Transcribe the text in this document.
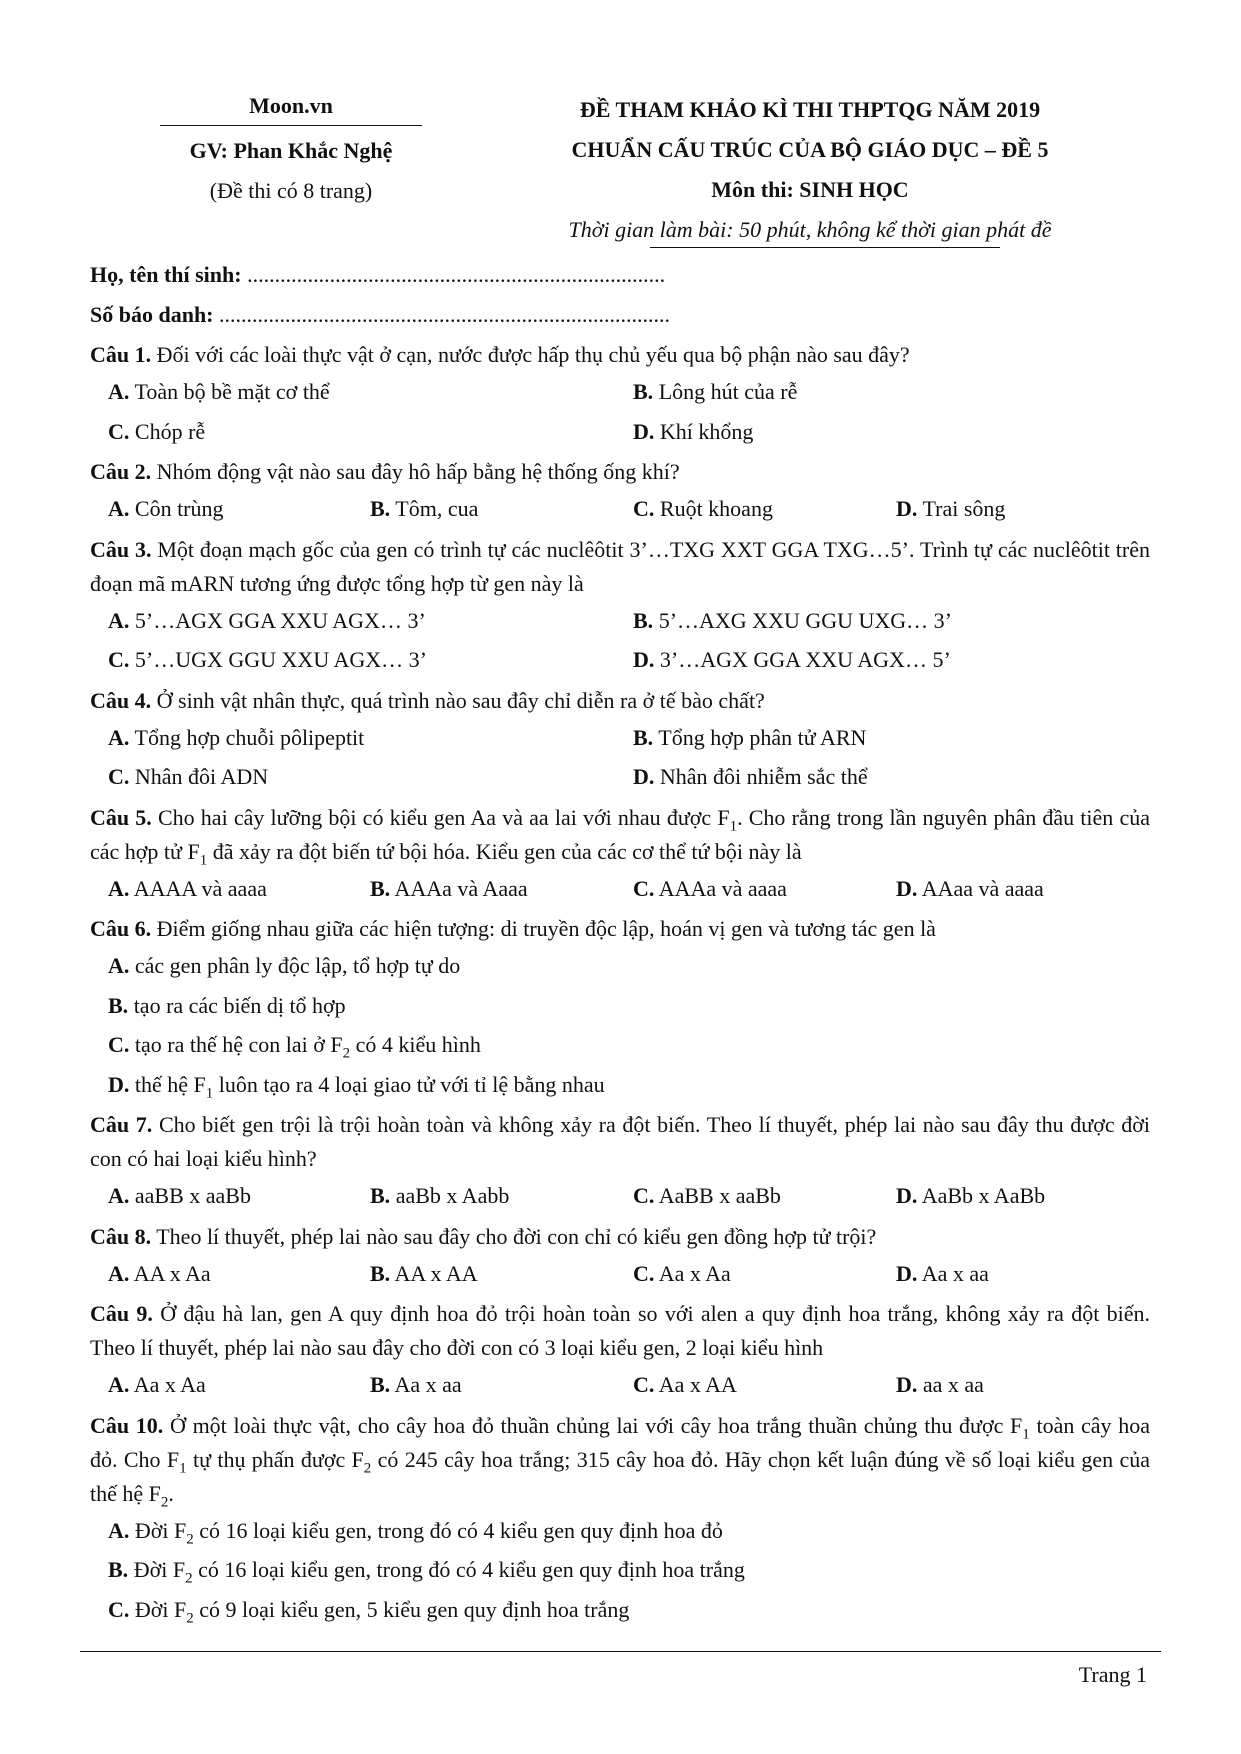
Moon.vn
GV: Phan Khắc Nghệ
(Đề thi có 8 trang)
ĐỀ THAM KHẢO KÌ THI THPTQG NĂM 2019
CHUẨN CẤU TRÚC CỦA BỘ GIÁO DỤC – ĐỀ 5
Môn thi: SINH HỌC
Thời gian làm bài: 50 phút, không kể thời gian phát đề
Họ, tên thí sinh: ............................................................................
Số báo danh: ..................................................................................
Câu 1. Đối với các loài thực vật ở cạn, nước được hấp thụ chủ yếu qua bộ phận nào sau đây?
A. Toàn bộ bề mặt cơ thể	B. Lông hút của rễ
C. Chóp rễ	D. Khí khổng
Câu 2. Nhóm động vật nào sau đây hô hấp bằng hệ thống ống khí?
A. Côn trùng	B. Tôm, cua	C. Ruột khoang	D. Trai sông
Câu 3. Một đoạn mạch gốc của gen có trình tự các nuclêôtit 3’…TXG XXT GGA TXG…5’. Trình tự các nuclêôtit trên đoạn mã mARN tương ứng được tổng hợp từ gen này là
A. 5’…AGX GGA XXU AGX… 3’	B. 5’…AXG XXU GGU UXG… 3’
C. 5’…UGX GGU XXU AGX… 3’	D. 3’…AGX GGA XXU AGX… 5’
Câu 4. Ở sinh vật nhân thực, quá trình nào sau đây chỉ diễn ra ở tế bào chất?
A. Tổng hợp chuỗi pôlipeptit	B. Tổng hợp phân tử ARN
C. Nhân đôi ADN	D. Nhân đôi nhiễm sắc thể
Câu 5. Cho hai cây lưỡng bội có kiểu gen Aa và aa lai với nhau được $F_1$. Cho rằng trong lần nguyên phân đầu tiên của các hợp tử $F_1$ đã xảy ra đột biến tứ bội hóa. Kiểu gen của các cơ thể tứ bội này là
A. AAAA và aaaa	B. AAAa và Aaaa	C. AAAa và aaaa	D. AAaa và aaaa
Câu 6. Điểm giống nhau giữa các hiện tượng: di truyền độc lập, hoán vị gen và tương tác gen là
A. các gen phân ly độc lập, tổ hợp tự do
B. tạo ra các biến dị tổ hợp
C. tạo ra thế hệ con lai ở $F_2$ có 4 kiểu hình
D. thế hệ $F_1$ luôn tạo ra 4 loại giao tử với tỉ lệ bằng nhau
Câu 7. Cho biết gen trội là trội hoàn toàn và không xảy ra đột biến. Theo lí thuyết, phép lai nào sau đây thu được đời con có hai loại kiểu hình?
A. aaBB x aaBb	B. aaBb x Aabb	C. AaBB x aaBb	D. AaBb x AaBb
Câu 8. Theo lí thuyết, phép lai nào sau đây cho đời con chỉ có kiểu gen đồng hợp tử trội?
A. AA x Aa	B. AA x AA	C. Aa x Aa	D. Aa x aa
Câu 9. Ở đậu hà lan, gen A quy định hoa đỏ trội hoàn toàn so với alen a quy định hoa trắng, không xảy ra đột biến. Theo lí thuyết, phép lai nào sau đây cho đời con có 3 loại kiểu gen, 2 loại kiểu hình
A. Aa x Aa	B. Aa x aa	C. Aa x AA	D. aa x aa
Câu 10. Ở một loài thực vật, cho cây hoa đỏ thuần chủng lai với cây hoa trắng thuần chủng thu được $F_1$ toàn cây hoa đỏ. Cho $F_1$ tự thụ phấn được $F_2$ có 245 cây hoa trắng; 315 cây hoa đỏ. Hãy chọn kết luận đúng về số loại kiểu gen của thế hệ $F_2$.
A. Đời $F_2$ có 16 loại kiểu gen, trong đó có 4 kiểu gen quy định hoa đỏ
B. Đời $F_2$ có 16 loại kiểu gen, trong đó có 4 kiểu gen quy định hoa trắng
C. Đời $F_2$ có 9 loại kiểu gen, 5 kiểu gen quy định hoa trắng
Trang 1
